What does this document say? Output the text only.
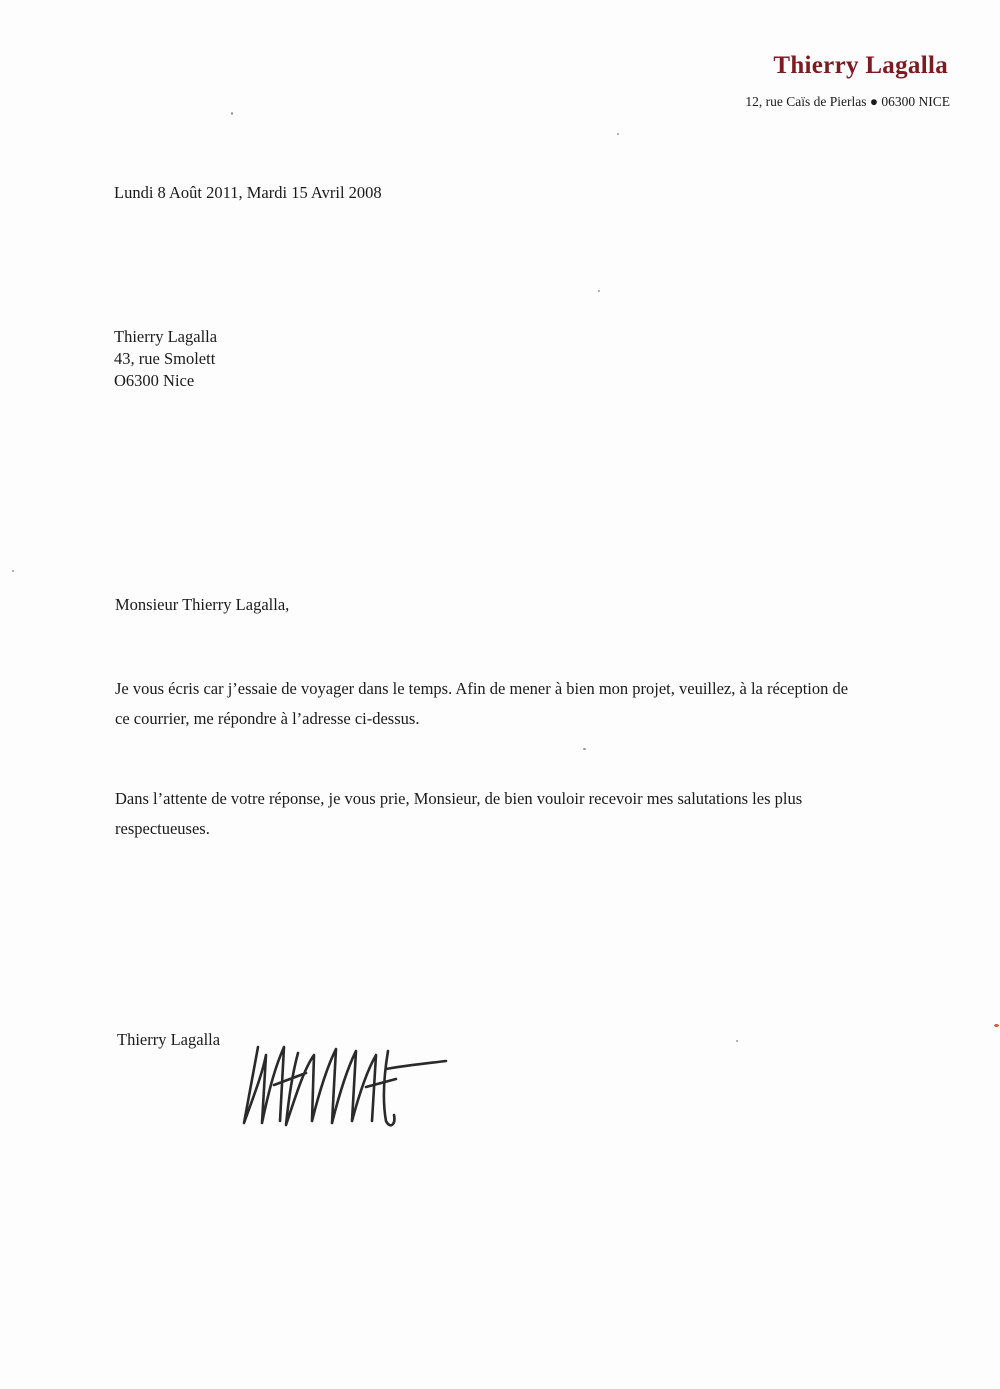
Thierry Lagalla
12, rue Caïs de Pierlas ● 06300 NICE
Lundi 8 Août 2011, Mardi 15 Avril 2008
Thierry Lagalla
43, rue Smolett
O6300 Nice
Monsieur Thierry Lagalla,
Je vous écris car j’essaie de voyager dans le temps. Afin de mener à bien mon projet, veuillez, à la réception de ce courrier, me répondre à l’adresse ci-dessus.
Dans l’attente de votre réponse, je vous prie, Monsieur, de bien vouloir recevoir mes salutations les plus respectueuses.
Thierry Lagalla
